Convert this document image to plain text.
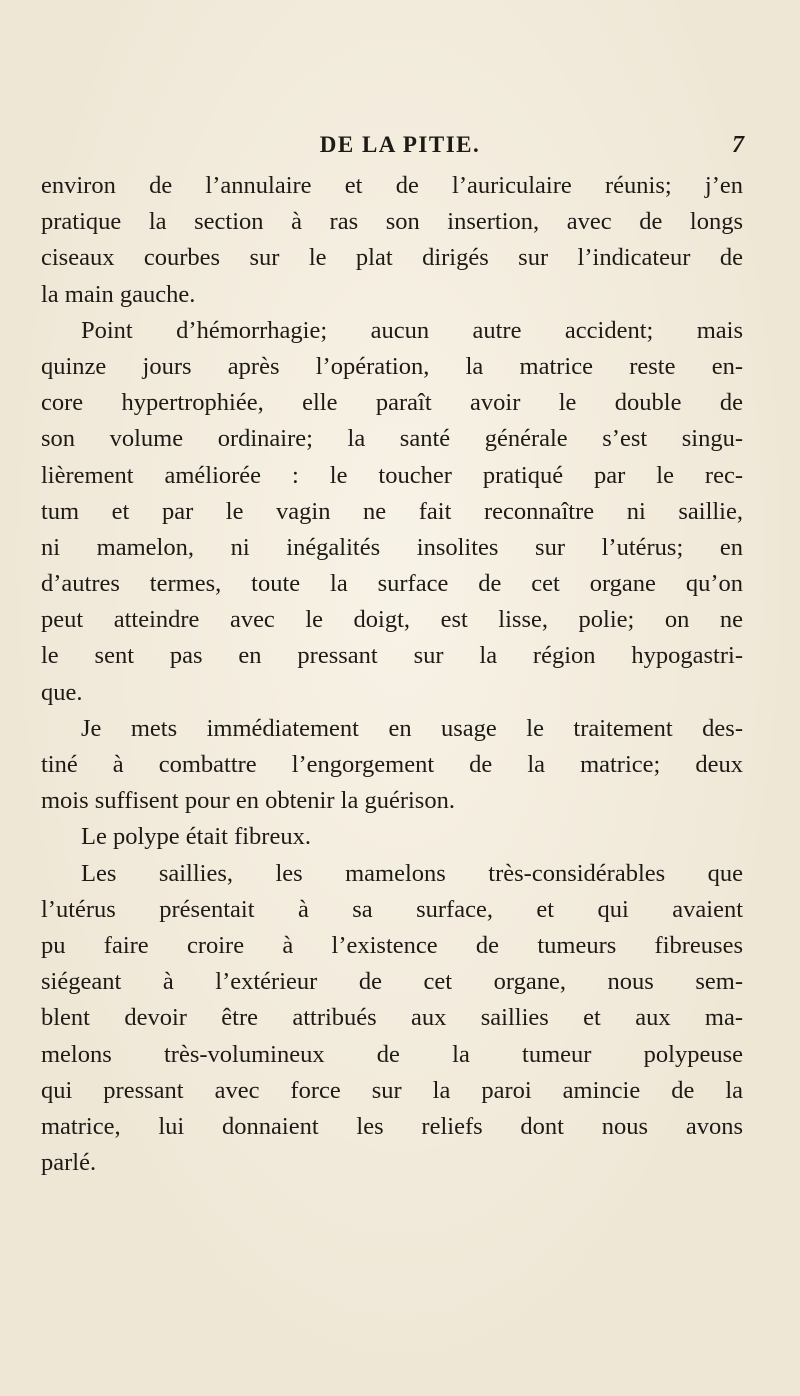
DE LA PITIE.	7
environ de l’annulaire et de l’auriculaire réunis; j’en
pratique la section à ras son insertion, avec de longs
ciseaux courbes sur le plat dirigés sur l’indicateur de
la main gauche.
Point d’hémorrhagie; aucun autre accident; mais
quinze jours après l’opération, la matrice reste en-
core hypertrophiée, elle paraît avoir le double de
son volume ordinaire; la santé générale s’est singu-
lièrement améliorée : le toucher pratiqué par le rec-
tum et par le vagin ne fait reconnaître ni saillie,
ni mamelon, ni inégalités insolites sur l’utérus; en
d’autres termes, toute la surface de cet organe qu’on
peut atteindre avec le doigt, est lisse, polie; on ne
le sent pas en pressant sur la région hypogastri-
que.
Je mets immédiatement en usage le traitement des-
tiné à combattre l’engorgement de la matrice; deux
mois suffisent pour en obtenir la guérison.
Le polype était fibreux.
Les saillies, les mamelons très-considérables que
l’utérus présentait à sa surface, et qui avaient
pu faire croire à l’existence de tumeurs fibreuses
siégeant à l’extérieur de cet organe, nous sem-
blent devoir être attribués aux saillies et aux ma-
melons très-volumineux de la tumeur polypeuse
qui pressant avec force sur la paroi amincie de la
matrice, lui donnaient les reliefs dont nous avons
parlé.
